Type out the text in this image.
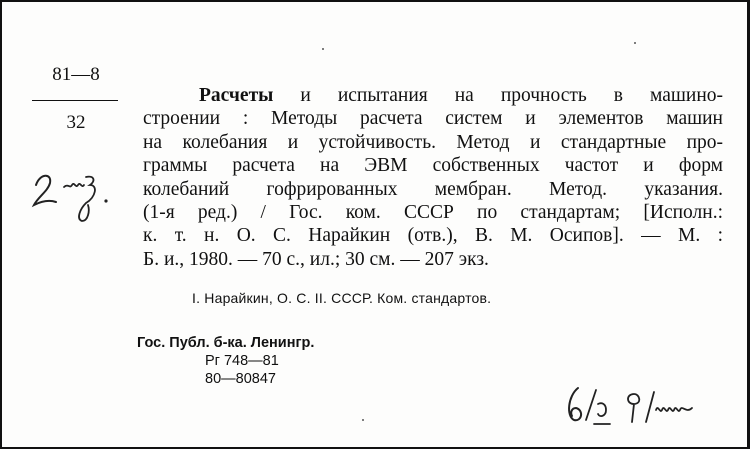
81—8
32
Расчеты и испытания на прочность в машино-
строении : Методы расчета систем и элементов машин
на колебания и устойчивость. Метод и стандартные про-
граммы расчета на ЭВМ собственных частот и форм
колебаний гофрированных мембран. Метод. указания.
(1-я ред.) / Гос. ком. СССР по стандартам; [Исполн.:
к. т. н. О. С. Нарайкин (отв.), В. М. Осипов]. — М. :
Б. и., 1980. — 70 с., ил.; 30 см. — 207 экз.
I. Нарайкин, О. С. II. СССР. Ком. стандартов.
Гос. Публ. б-ка. Ленингр.
Рг 748—81
80—80847
